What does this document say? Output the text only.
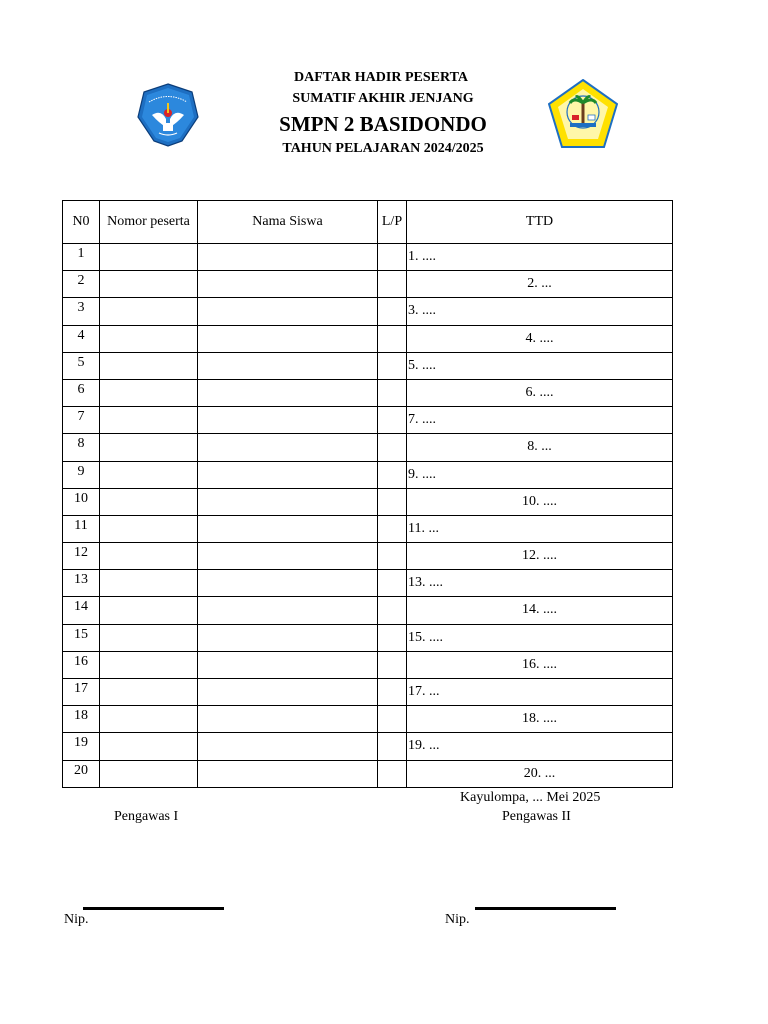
DAFTAR HADIR PESERTA
SUMATIF AKHIR JENJANG
SMPN 2 BASIDONDO
TAHUN PELAJARAN 2024/2025
N0	Nomor peserta	Nama Siswa	L/P	TTD
1				1. ....

2				2. ...

3				3. ....

4				4. ....

5				5. ....

6				6. ....

7				7. ....

8				8. ...

9				9. ....

10				10. ....

11				11. ...

12				12. ....

13				13. ....

14				14. ....

15				15. ....

16				16. ....

17				17. ...

18				18. ....

19				19. ...

20				20. ...
Kayulompa, ... Mei 2025
Pengawas I	Pengawas II
Nip.	Nip.
